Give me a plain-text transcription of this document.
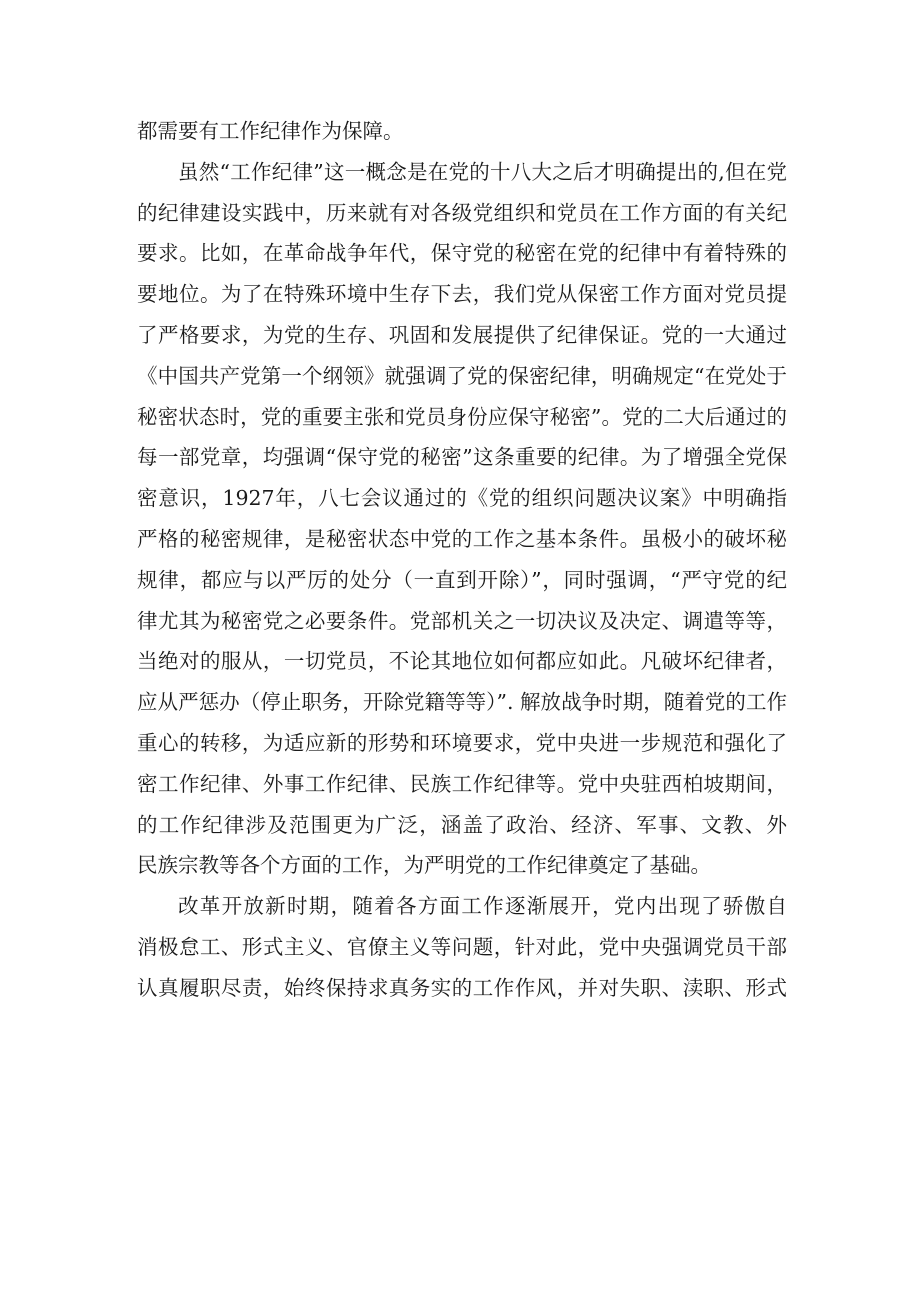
都需要有工作纪律作为保障。
虽然“工作纪律”这一概念是在党的十八大之后才明确提出的,但在党
的纪律建设实践中，历来就有对各级党组织和党员在工作方面的有关纪
要求。比如，在革命战争年代，保守党的秘密在党的纪律中有着特殊的
要地位。为了在特殊环境中生存下去，我们党从保密工作方面对党员提
了严格要求，为党的生存、巩固和发展提供了纪律保证。党的一大通过
《中国共产党第一个纲领》就强调了党的保密纪律，明确规定“在党处于
秘密状态时，党的重要主张和党员身份应保守秘密”。党的二大后通过的
每一部党章，均强调“保守党的秘密”这条重要的纪律。为了增强全党保
密意识，1927年，八七会议通过的《党的组织问题决议案》中明确指
严格的秘密规律，是秘密状态中党的工作之基本条件。虽极小的破坏秘
规律，都应与以严厉的处分（一直到开除）”，同时强调，“严守党的纪
律尤其为秘密党之必要条件。党部机关之一切决议及决定、调遣等等，
当绝对的服从，一切党员，不论其地位如何都应如此。凡破坏纪律者，
应从严惩办（停止职务，开除党籍等等）”. 解放战争时期，随着党的工作
重心的转移，为适应新的形势和环境要求，党中央进一步规范和强化了
密工作纪律、外事工作纪律、民族工作纪律等。党中央驻西柏坡期间，
的工作纪律涉及范围更为广泛，涵盖了政治、经济、军事、文教、外
民族宗教等各个方面的工作，为严明党的工作纪律奠定了基础。
改革开放新时期，随着各方面工作逐渐展开，党内出现了骄傲自
消极怠工、形式主义、官僚主义等问题，针对此，党中央强调党员干部
认真履职尽责，始终保持求真务实的工作作风，并对失职、渎职、形式
